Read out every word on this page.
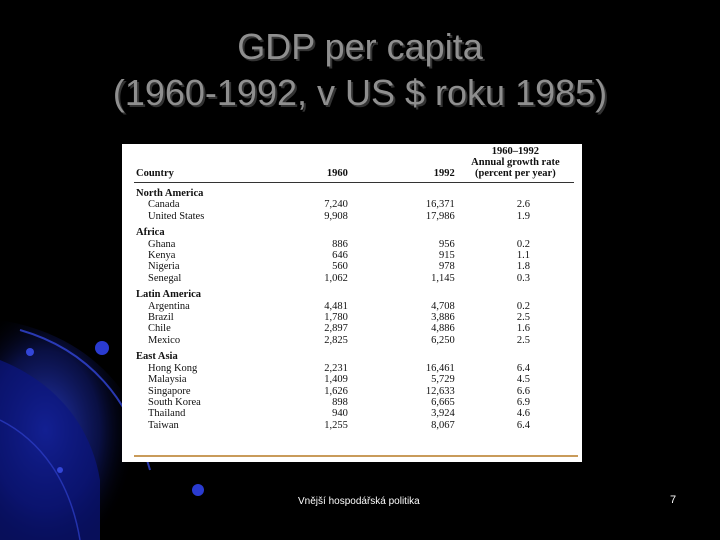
GDP per capita
(1960-1992, v US $ roku 1985)
Country	1960	1992	1960–1992
Annual growth rate
(percent per year)

North America			
Canada	7,240	16,371	2.6
United States	9,908	17,986	1.9
Africa			
Ghana	886	956	0.2
Kenya	646	915	1.1
Nigeria	560	978	1.8
Senegal	1,062	1,145	0.3
Latin America			
Argentina	4,481	4,708	0.2
Brazil	1,780	3,886	2.5
Chile	2,897	4,886	1.6
Mexico	2,825	6,250	2.5
East Asia			
Hong Kong	2,231	16,461	6.4
Malaysia	1,409	5,729	4.5
Singapore	1,626	12,633	6.6
South Korea	898	6,665	6.9
Thailand	940	3,924	4.6
Taiwan	1,255	8,067	6.4
Vnější hospodářská politika	7
